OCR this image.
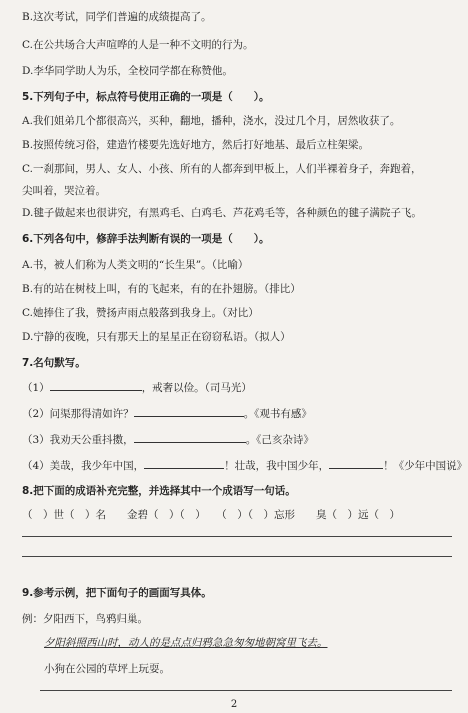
B.这次考试，同学们普遍的成绩提高了。
C.在公共场合大声喧哗的人是一种不文明的行为。
D.李华同学助人为乐，全校同学都在称赞他。
5.下列句子中，标点符号使用正确的一项是（　　）。
A.我们姐弟几个都很高兴，买种，翻地，播种，浇水，没过几个月，居然收获了。
B.按照传统习俗，建造竹楼要先选好地方，然后打好地基、最后立柱架梁。
C.一刹那间，男人、女人、小孩、所有的人都奔到甲板上，人们半裸着身子，奔跑着，
尖叫着，哭泣着。
D.毽子做起来也很讲究，有黑鸡毛、白鸡毛、芦花鸡毛等，各种颜色的毽子满院子飞。
6.下列各句中，修辞手法判断有误的一项是（　　）。
A.书，被人们称为人类文明的“长生果”。（比喻）
B.有的站在树枝上叫，有的飞起来，有的在扑翅膀。（排比）
C.她捧住了我，赞扬声雨点般落到我身上。（对比）
D.宁静的夜晚，只有那天上的星星正在窃窃私语。（拟人）
7.名句默写。
（1）	，戒奢以俭。（司马光）
（2）问渠那得清如许？	。《观书有感》
（3）我劝天公重抖擞，	。《己亥杂诗》
（4）美哉，我少年中国，	！壮哉，我中国少年，	！《少年中国说》
8.把下面的成语补充完整，并选择其中一个成语写一句话。
（　）世（　）名　　金碧（　）（　）　　（　）（　）忘形　　臭（　）远（　）
9.参考示例，把下面句子的画面写具体。
例：夕阳西下，鸟鸦归巢。
夕阳斜照西山时，动人的是点点归鸦急急匆匆地朝窝里飞去。
小狗在公园的草坪上玩耍。
2
